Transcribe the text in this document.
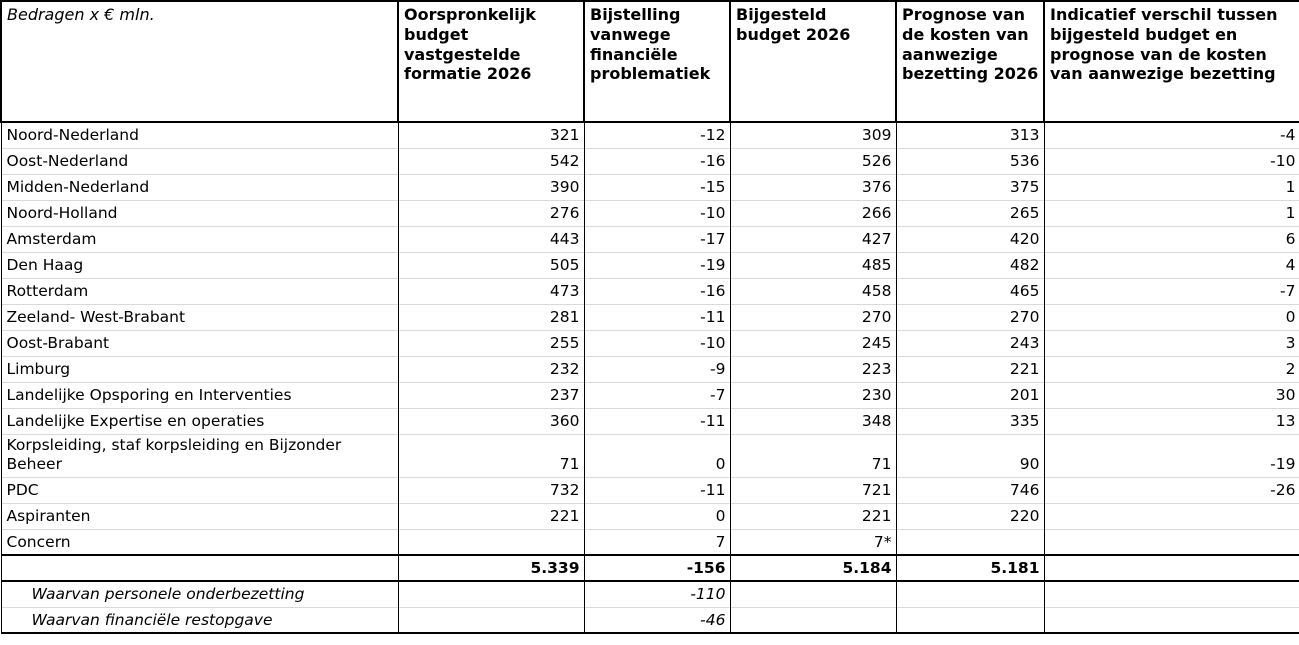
Bedragen x € mln.	Oorspronkelijk budget vastgestelde formatie 2026	Bijstelling vanwege financiële problematiek	Bijgesteld budget 2026	Prognose van de kosten van aanwezige bezetting 2026	Indicatief verschil tussen bijgesteld budget en prognose van de kosten van aanwezige bezetting
Noord-Nederland	321	-12	309	313	-4
Oost-Nederland	542	-16	526	536	-10
Midden-Nederland	390	-15	376	375	1
Noord-Holland	276	-10	266	265	1
Amsterdam	443	-17	427	420	6
Den Haag	505	-19	485	482	4
Rotterdam	473	-16	458	465	-7
Zeeland- West-Brabant	281	-11	270	270	0
Oost-Brabant	255	-10	245	243	3
Limburg	232	-9	223	221	2
Landelijke Opsporing en Interventies	237	-7	230	201	30
Landelijke Expertise en operaties	360	-11	348	335	13
Korpsleiding, staf korpsleiding en Bijzonder Beheer	71	0	71	90	-19
PDC	732	-11	721	746	-26
Aspiranten	221	0	221	220	
Concern		7	7*		
	5.339	-156	5.184	5.181	
Waarvan personele onderbezetting		-110			
Waarvan financiële restopgave		-46			
